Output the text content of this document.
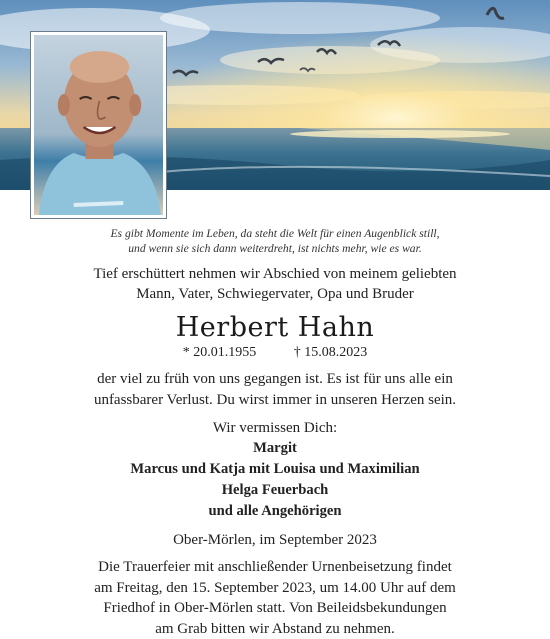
Es gibt Momente im Leben, da steht die Welt für einen Augenblick still,
und wenn sie sich dann weiterdreht, ist nichts mehr, wie es war.
Tief erschüttert nehmen wir Abschied von meinem geliebten
Mann, Vater, Schwiegervater, Opa und Bruder
Herbert Hahn
* 20.01.1955	† 15.08.2023
der viel zu früh von uns gegangen ist. Es ist für uns alle ein
unfassbarer Verlust. Du wirst immer in unseren Herzen sein.
Wir vermissen Dich:
Margit
Marcus und Katja mit Louisa und Maximilian
Helga Feuerbach
und alle Angehörigen
Ober-Mörlen, im September 2023
Die Trauerfeier mit anschließender Urnenbeisetzung findet
am Freitag, den 15. September 2023, um 14.00 Uhr auf dem
Friedhof in Ober-Mörlen statt. Von Beileidsbekundungen
am Grab bitten wir Abstand zu nehmen.
